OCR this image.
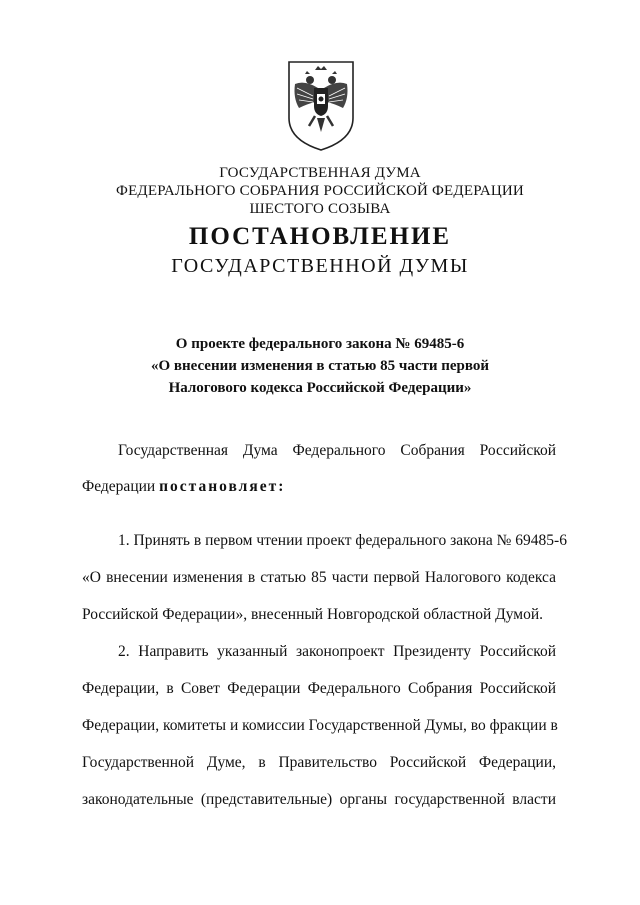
ГОСУДАРСТВЕННАЯ ДУМА
ФЕДЕРАЛЬНОГО СОБРАНИЯ РОССИЙСКОЙ ФЕДЕРАЦИИ
ШЕСТОГО СОЗЫВА
ПОСТАНОВЛЕНИЕ
ГОСУДАРСТВЕННОЙ ДУМЫ
О проекте федерального закона № 69485-6
«О внесении изменения в статью 85 части первой
Налогового кодекса Российской Федерации»
Государственная Дума Федерального Собрания Российской
Федерации постановляет:
1. Принять в первом чтении проект федерального закона № 69485-6
«О внесении изменения в статью 85 части первой Налогового кодекса
Российской Федерации», внесенный Новгородской областной Думой.
2. Направить указанный законопроект Президенту Российской
Федерации, в Совет Федерации Федерального Собрания Российской
Федерации, комитеты и комиссии Государственной Думы, во фракции в
Государственной Думе, в Правительство Российской Федерации,
законодательные (представительные) органы государственной власти
